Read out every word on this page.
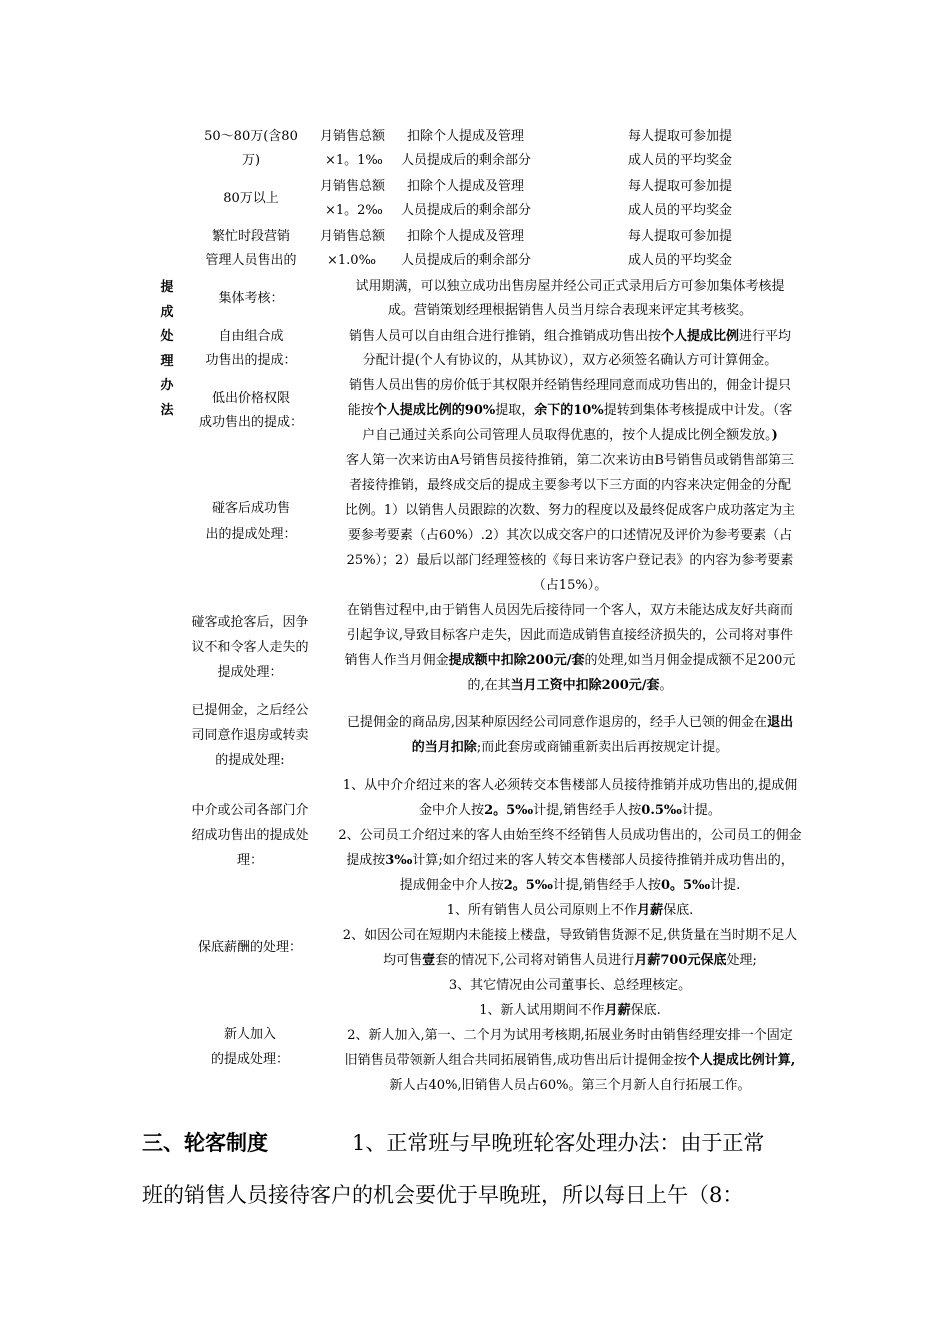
提
成
处
理
办
法
50～80万(含80
万)
月销售总额
×1。1‰
扣除个人提成及管理
人员提成后的剩余部分
每人提取可参加提
成人员的平均奖金
80万以上
月销售总额
×1。2‰
扣除个人提成及管理
人员提成后的剩余部分
每人提取可参加提
成人员的平均奖金
繁忙时段营销
管理人员售出的
月销售总额
×1.0‰
扣除个人提成及管理
人员提成后的剩余部分
每人提取可参加提
成人员的平均奖金
集体考核：
试用期满，可以独立成功出售房屋并经公司正式录用后方可参加集体考核提
成。营销策划经理根据销售人员当月综合表现来评定其考核奖。
自由组合成
功售出的提成：
销售人员可以自由组合进行推销，组合推销成功售出按个人提成比例进行平均
分配计提(个人有协议的，从其协议），双方必须签名确认方可计算佣金。
低出价格权限
成功售出的提成：
销售人员出售的房价低于其权限并经销售经理同意而成功售出的，佣金计提只
能按个人提成比例的90%提取，余下的10%提转到集体考核提成中计发。（客
户自己通过关系向公司管理人员取得优惠的，按个人提成比例全额发放。)
碰客后成功售
出的提成处理：
客人第一次来访由A号销售员接待推销，第二次来访由B号销售员或销售部第三
者接待推销，最终成交后的提成主要参考以下三方面的内容来决定佣金的分配
比例。1）以销售人员跟踪的次数、努力的程度以及最终促成客户成功落定为主
要参考要素（占60%）.2）其次以成交客户的口述情况及评价为参考要素（占
25%）；2）最后以部门经理签核的《每日来访客户登记表》的内容为参考要素
（占15%）。
碰客或抢客后，因争
议不和令客人走失的
提成处理：
在销售过程中,由于销售人员因先后接待同一个客人，双方未能达成友好共商而
引起争议,导致目标客户走失，因此而造成销售直接经济损失的，公司将对事件
销售人作当月佣金提成额中扣除200元/套的处理,如当月佣金提成额不足200元
的,在其当月工资中扣除200元/套。
已提佣金，之后经公
司同意作退房或转卖
的提成处理:
已提佣金的商品房,因某种原因经公司同意作退房的，经手人已领的佣金在退出
的当月扣除;而此套房或商铺重新卖出后再按规定计提。
中介或公司各部门介
绍成功售出的提成处
理：
1、从中介介绍过来的客人必须转交本售楼部人员接待推销并成功售出的,提成佣
金中介人按2。5‰计提,销售经手人按0.5‰计提。
2、公司员工介绍过来的客人由始至终不经销售人员成功售出的，公司员工的佣金
提成按3‰计算;如介绍过来的客人转交本售楼部人员接待推销并成功售出的，
提成佣金中介人按2。5‰计提,销售经手人按0。5‰计提.
保底薪酬的处理：
1、所有销售人员公司原则上不作月薪保底.
2、如因公司在短期内未能接上楼盘，导致销售货源不足,供货量在当时期不足人
均可售壹套的情况下,公司将对销售人员进行月薪700元保底处理;
3、其它情况由公司董事长、总经理核定。
新人加入
的提成处理：
1、新人试用期间不作月薪保底.
2、新人加入,第一、二个月为试用考核期,拓展业务时由销售经理安排一个固定
旧销售员带领新人组合共同拓展销售,成功售出后计提佣金按个人提成比例计算,
新人占40%,旧销售人员占60%。第三个月新人自行拓展工作。
三、轮客制度	1、正常班与早晚班轮客处理办法：由于正常
班的销售人员接待客户的机会要优于早晚班，所以每日上午（8：
